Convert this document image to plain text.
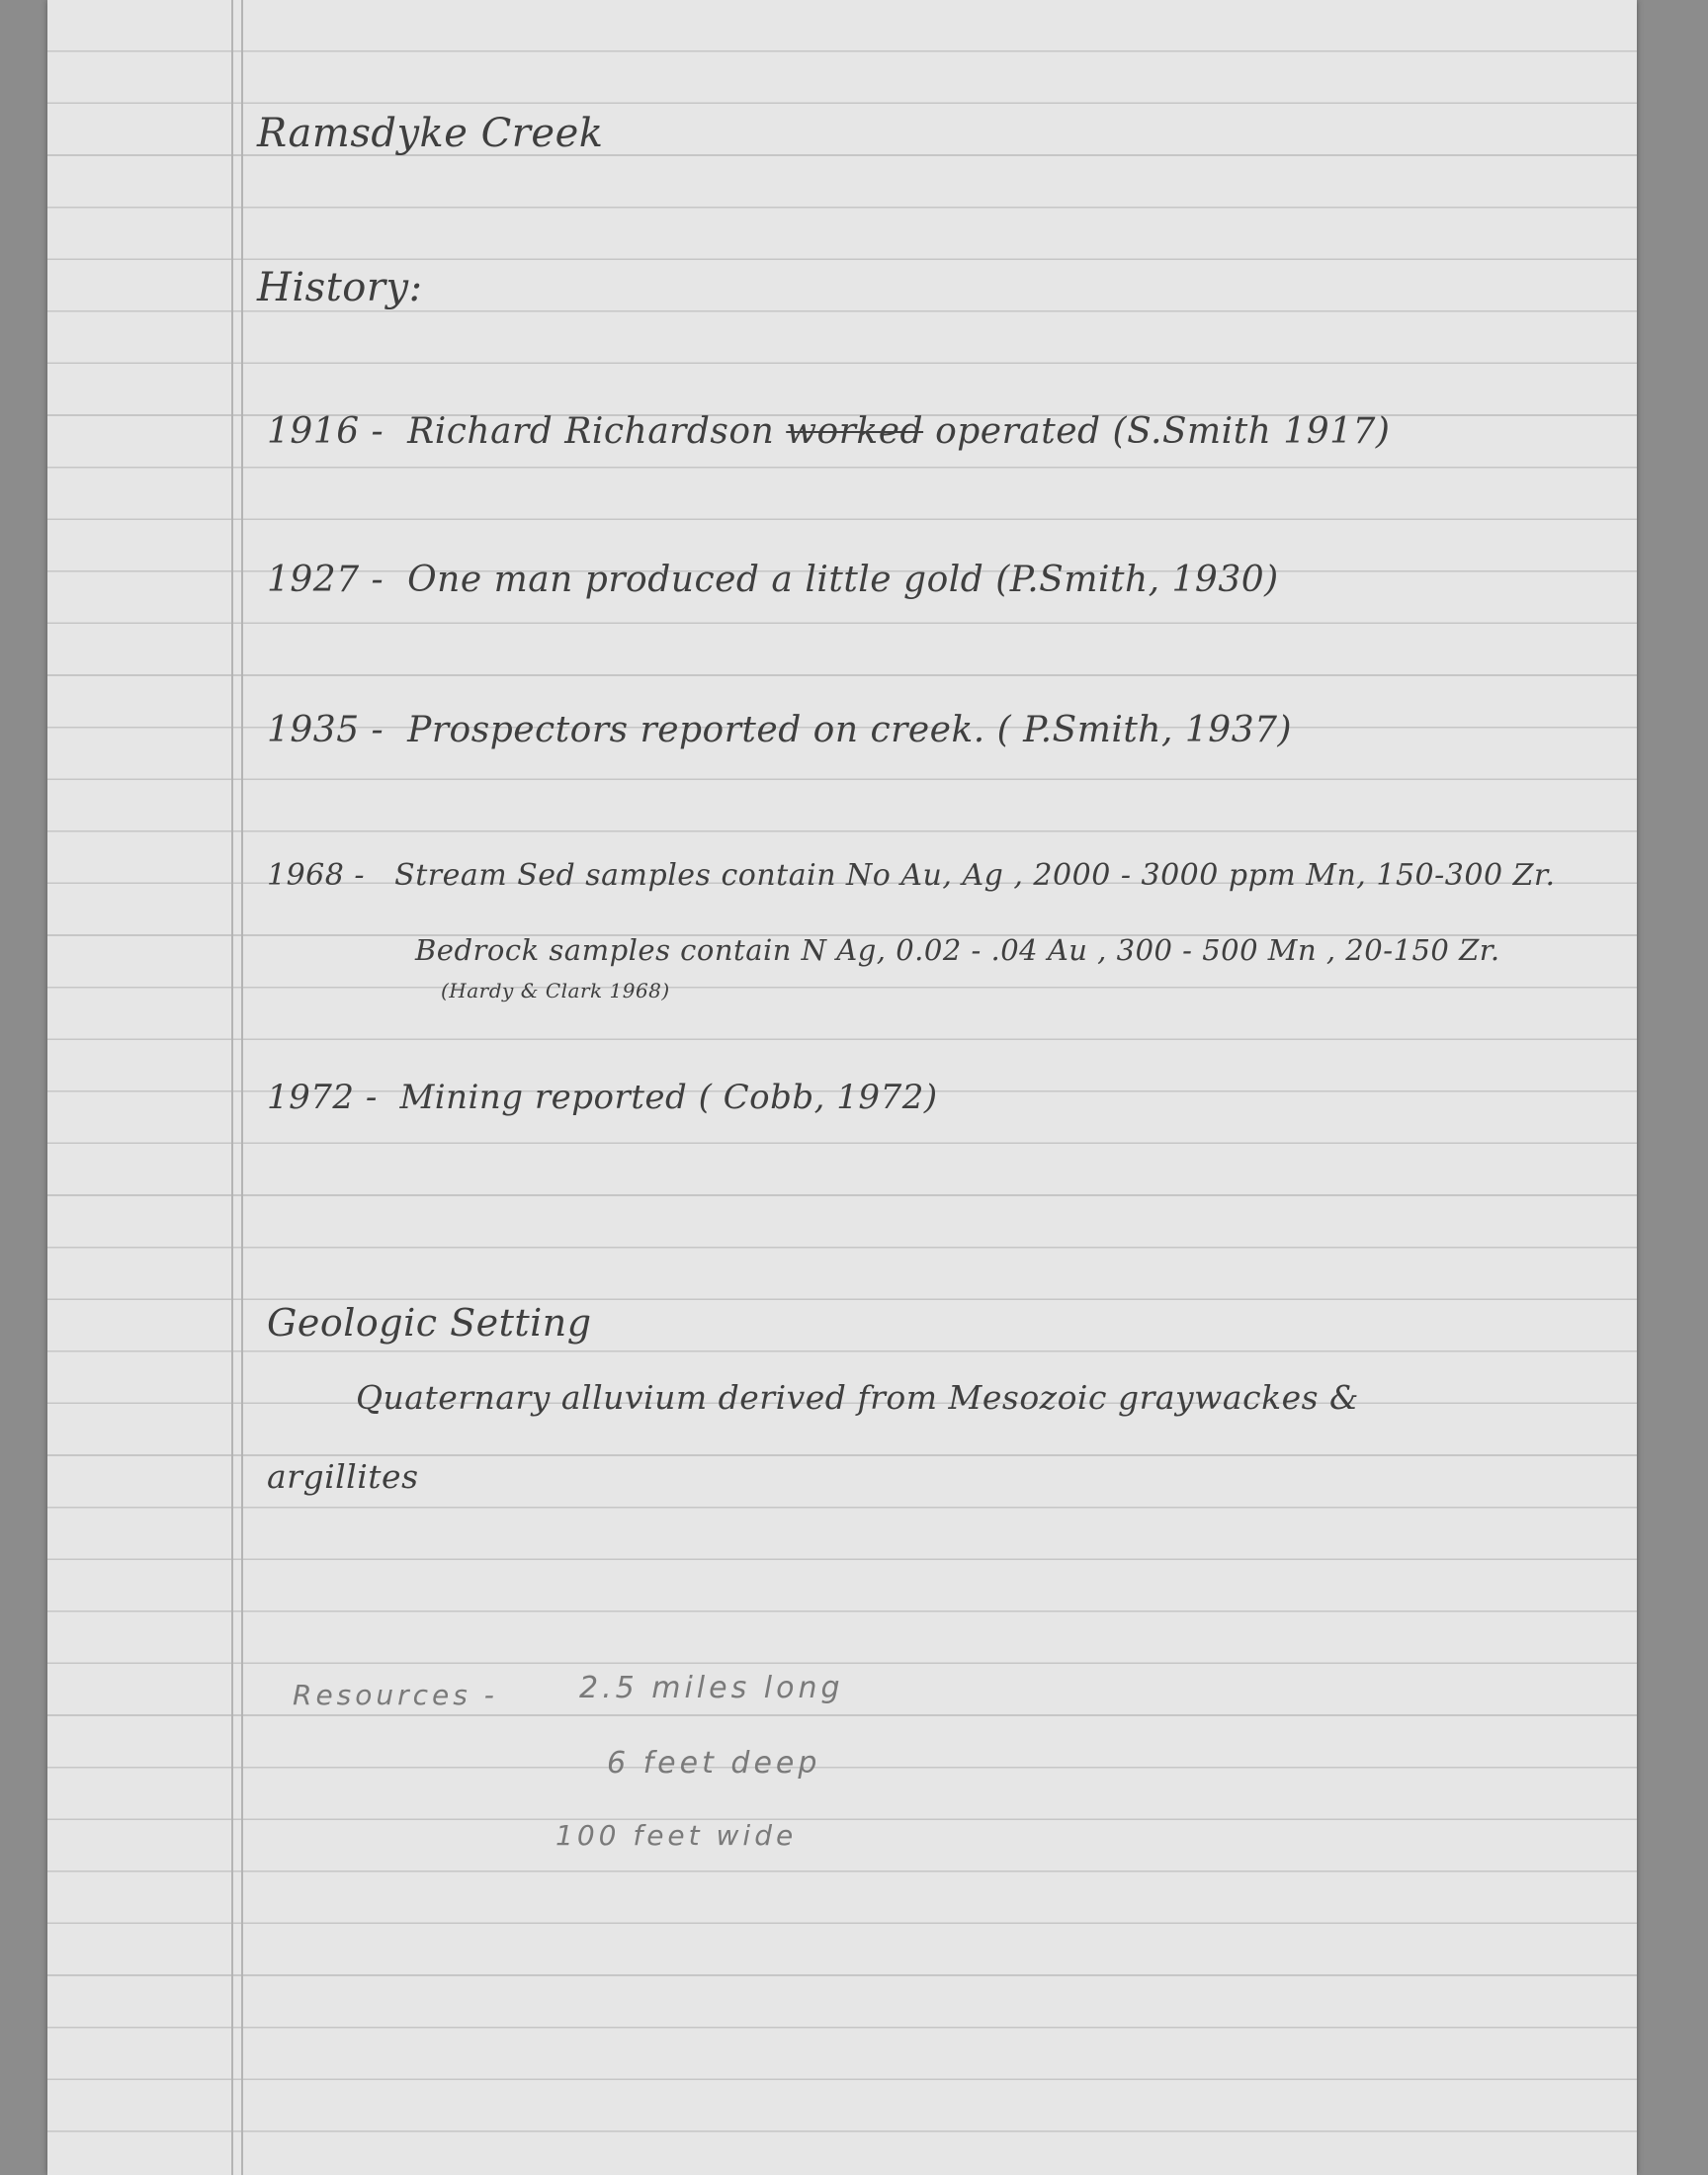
Ramsdyke Creek
History:
1916 - Richard Richardson worked operated (S.Smith 1917)
1927 - One man produced a little gold (P.Smith, 1930)
1935 - Prospectors reported on creek. ( P.Smith, 1937)
1968 - Stream Sed samples contain No Au, Ag , 2000 - 3000 ppm Mn, 150-300 Zr.
Bedrock samples contain N Ag, 0.02 - .04 Au , 300 - 500 Mn , 20-150 Zr.
(Hardy & Clark 1968)
1972 - Mining reported ( Cobb, 1972)
Geologic Setting
Quaternary alluvium derived from Mesozoic graywackes &
argillites
Resources -	2.5 miles long
6 feet deep
100 feet wide
